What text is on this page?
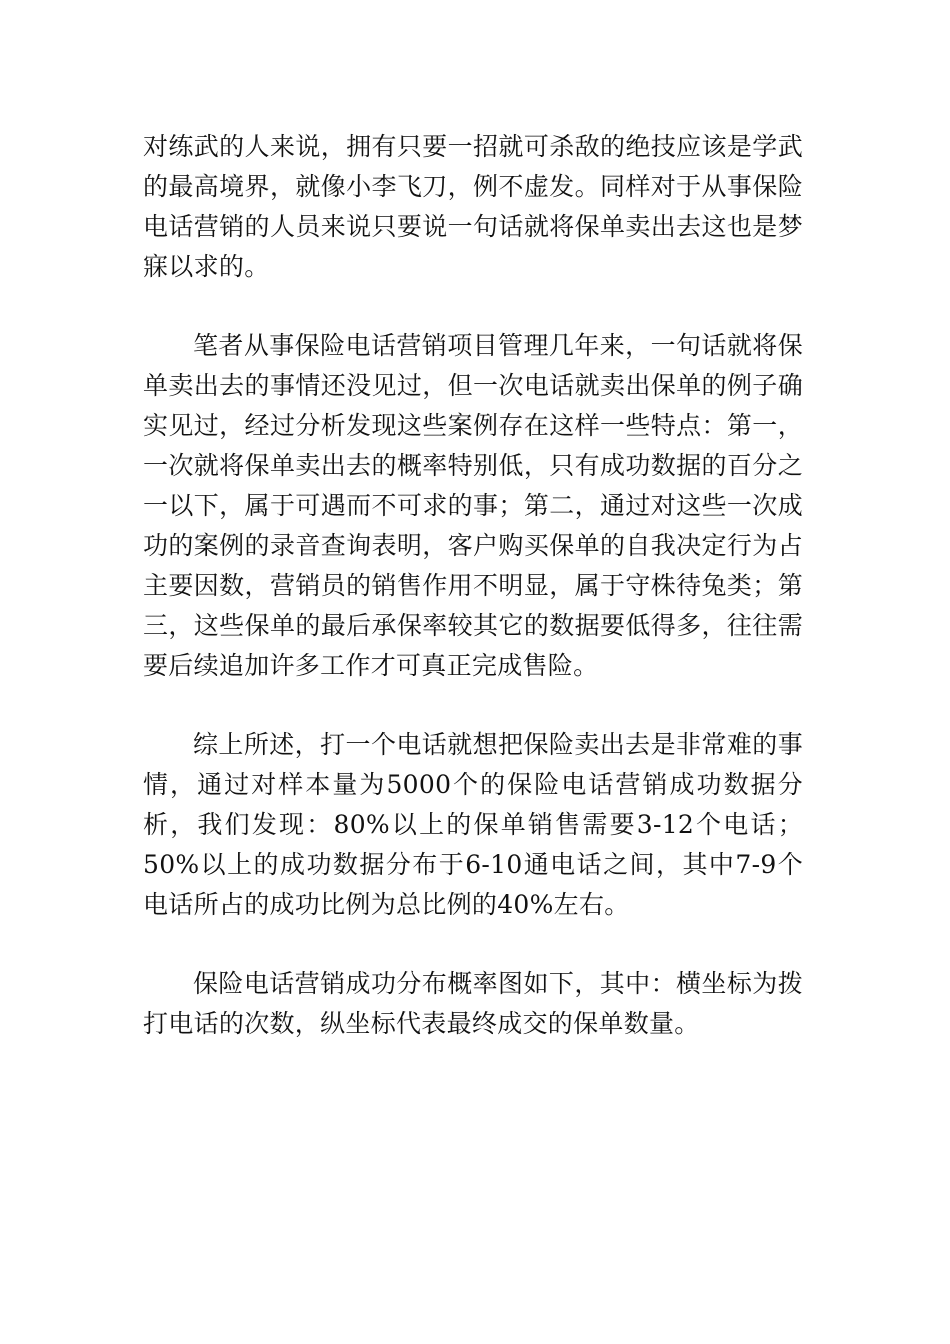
对练武的人来说，拥有只要一招就可杀敌的绝技应该是学武的最高境界，就像小李飞刀，例不虚发。同样对于从事保险电话营销的人员来说只要说一句话就将保单卖出去这也是梦寐以求的。

笔者从事保险电话营销项目管理几年来，一句话就将保单卖出去的事情还没见过，但一次电话就卖出保单的例子确实见过，经过分析发现这些案例存在这样一些特点：第一，一次就将保单卖出去的概率特别低，只有成功数据的百分之一以下，属于可遇而不可求的事；第二，通过对这些一次成功的案例的录音查询表明，客户购买保单的自我决定行为占主要因数，营销员的销售作用不明显，属于守株待兔类；第三，这些保单的最后承保率较其它的数据要低得多，往往需要后续追加许多工作才可真正完成售险。

综上所述，打一个电话就想把保险卖出去是非常难的事情，通过对样本量为5000个的保险电话营销成功数据分析，我们发现：80%以上的保单销售需要3-12个电话；50%以上的成功数据分布于6-10通电话之间，其中7-9个电话所占的成功比例为总比例的40%左右。

保险电话营销成功分布概率图如下，其中：横坐标为拨打电话的次数，纵坐标代表最终成交的保单数量。
